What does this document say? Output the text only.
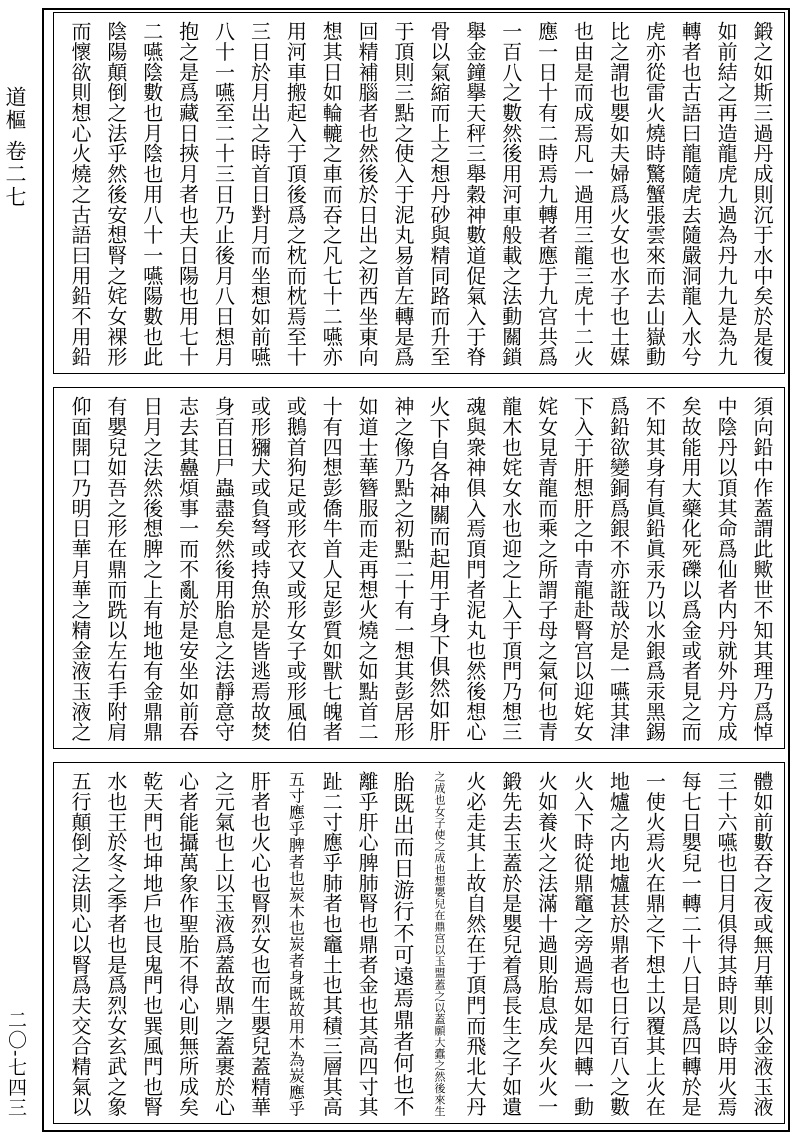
道樞
卷二七
二〇‐七四三
鍛之如斯三過丹成則沉于水中矣於是復
如前結之再造龍虎九過為丹九九是為九
轉者也古語曰龍隨虎去隨嚴洞龍入水兮
虎亦從雷火燒時驚蟹張雲來而去山嶽動
比之謂也嬰如夫婦爲火女也水子也土媒
也由是而成焉凡一過用三龍三虎十二火
應一日十有二時焉九轉者應于九宫共爲
一百八之數然後用河車般載之法動關鎖
舉金鐘擧天秤三舉穀神數道促氣入于脊
骨以氣縮而上之想丹砂與精同路而升至
于頂則三點之使入于泥丸易首左轉是爲
回精補腦者也然後於日出之初西坐東向
想其日如輪轆之車而吞之凡七十二嚥亦
用河車搬起入于頂後爲之枕而枕焉至十
三日於月出之時首日對月而坐想如前嚥
八十一嚥至二十三日乃止後月八日想月
抱之是爲藏日挾月者也夫日陽也用七十
二嚥陰數也月陰也用八十一嚥陽數也此
陰陽顛倒之法乎然後安想腎之姹女裸形
而懷欲則想心火燒之古語曰用鉛不用鉛
須向鉛中作蓋謂此歟世不知其理乃爲悼
中陰丹以頂其命爲仙者内丹就外丹方成
矣故能用大藥化死礫以爲金或者見之而
不知其身有眞鉛眞汞乃以水銀爲汞黑錫
爲鉛欲變銅爲銀不亦誑哉於是一嚥其津
下入于肝想肝之中青龍赴腎宫以迎姹女
姹女見青龍而乘之所謂子母之氣何也青
龍木也姹女水也迎之上入于頂門乃想三
魂與衆神俱入焉頂門者泥丸也然後想心
火下自各神關而起用于身下俱然如肝
神之像乃點之初點二十有一想其彭居形
如道士華簪服而走再想火燒之如點首二
十有四想彭僑牛首人足彭質如獸七魄者
或鵝首狗足或形衣又或形女子或形風伯
或形獼犬或負弩或持魚於是皆逃焉故焚
身百日尸蟲盡矣然後用胎息之法靜意守
志去其蠱煩事一而不亂於是安坐如前吞
日月之法然後想脾之上有地地有金鼎鼎
有嬰兒如吾之形在鼎而跣以左右手附肩
仰面開口乃明日華月華之精金液玉液之
體如前數吞之夜或無月華則以金液玉液
三十六嚥也日月俱得其時則以時用火焉
每七日嬰兒一轉二十八日是爲四轉於是
一使火焉火在鼎之下想土以覆其上火在
地爐之内地爐甚於鼎者也日行百八之數
火入下時從鼎竈之旁過焉如是四轉一動
火如養火之法滿十過則胎息成矣火火一
鍛先去玉蓋於是嬰兒着爲長生之子如遺
火必走其上故自然在于頂門而飛北大丹
之成也女子使之成也想嬰兒在鼎宫以玉盟蓋之以蓋願大蠹之然後來生
胎既出而日游行不可遠焉鼎者何也不
離乎肝心脾肺腎也鼎者金也其高四寸其
趾二寸應乎肺者也竈土也其積三層其高
五寸應乎脾者也炭木也炭者身既故用木為炭應乎
肝者也火心也腎烈女也而生嬰兒蓋精華
之元氣也上以玉液爲蓋故鼎之蓋裹於心
心者能攝萬象作聖胎不得心則無所成矣
乾天門也坤地戶也艮鬼門也巽風門也腎
水也王於冬之季者也是爲烈女玄武之象
五行顛倒之法則心以腎爲夫交合精氣以
